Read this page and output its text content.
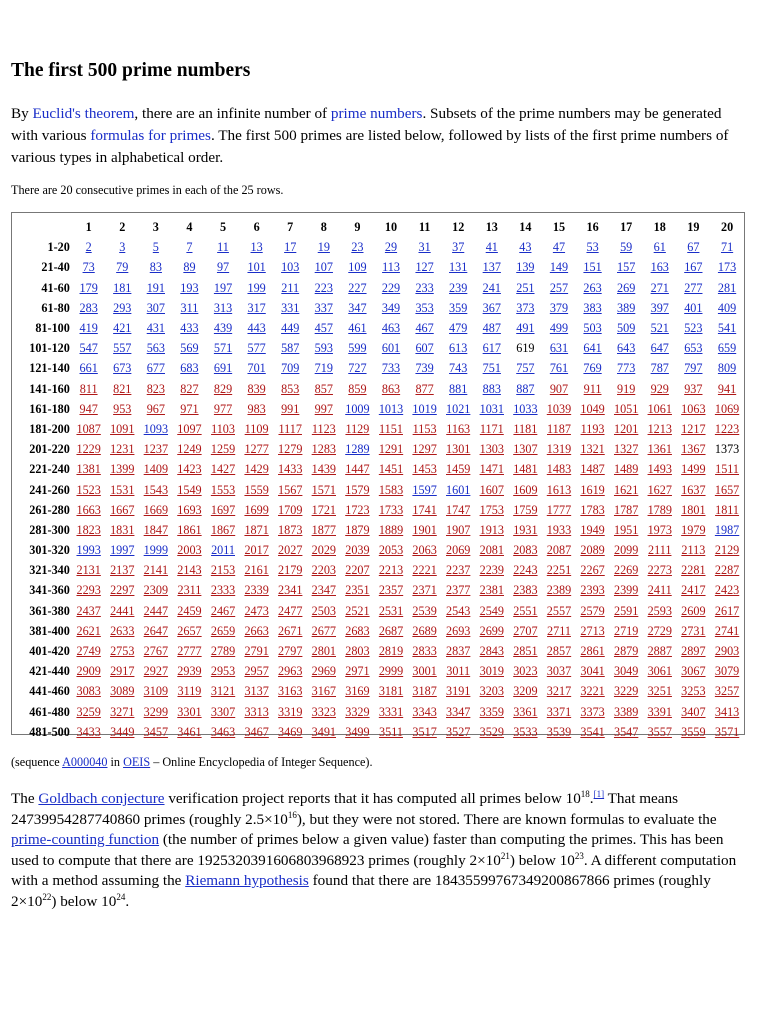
The first 500 prime numbers

By Euclid's theorem, there are an infinite number of prime numbers. Subsets of the prime numbers may be generated with various formulas for primes. The first 500 primes are listed below, followed by lists of the first prime numbers of various types in alphabetical order.

There are 20 consecutive primes in each of the 25 rows.

	1	2	3	4	5	6	7	8	9	10	11	12	13	14	15	16	17	18	19	20
1-20	2	3	5	7	11	13	17	19	23	29	31	37	41	43	47	53	59	61	67	71
21-40	73	79	83	89	97	101	103	107	109	113	127	131	137	139	149	151	157	163	167	173
41-60	179	181	191	193	197	199	211	223	227	229	233	239	241	251	257	263	269	271	277	281
61-80	283	293	307	311	313	317	331	337	347	349	353	359	367	373	379	383	389	397	401	409
81-100	419	421	431	433	439	443	449	457	461	463	467	479	487	491	499	503	509	521	523	541
101-120	547	557	563	569	571	577	587	593	599	601	607	613	617	619	631	641	643	647	653	659
121-140	661	673	677	683	691	701	709	719	727	733	739	743	751	757	761	769	773	787	797	809
141-160	811	821	823	827	829	839	853	857	859	863	877	881	883	887	907	911	919	929	937	941
161-180	947	953	967	971	977	983	991	997	1009	1013	1019	1021	1031	1033	1039	1049	1051	1061	1063	1069
181-200	1087	1091	1093	1097	1103	1109	1117	1123	1129	1151	1153	1163	1171	1181	1187	1193	1201	1213	1217	1223
201-220	1229	1231	1237	1249	1259	1277	1279	1283	1289	1291	1297	1301	1303	1307	1319	1321	1327	1361	1367	1373
221-240	1381	1399	1409	1423	1427	1429	1433	1439	1447	1451	1453	1459	1471	1481	1483	1487	1489	1493	1499	1511
241-260	1523	1531	1543	1549	1553	1559	1567	1571	1579	1583	1597	1601	1607	1609	1613	1619	1621	1627	1637	1657
261-280	1663	1667	1669	1693	1697	1699	1709	1721	1723	1733	1741	1747	1753	1759	1777	1783	1787	1789	1801	1811
281-300	1823	1831	1847	1861	1867	1871	1873	1877	1879	1889	1901	1907	1913	1931	1933	1949	1951	1973	1979	1987
301-320	1993	1997	1999	2003	2011	2017	2027	2029	2039	2053	2063	2069	2081	2083	2087	2089	2099	2111	2113	2129
321-340	2131	2137	2141	2143	2153	2161	2179	2203	2207	2213	2221	2237	2239	2243	2251	2267	2269	2273	2281	2287
341-360	2293	2297	2309	2311	2333	2339	2341	2347	2351	2357	2371	2377	2381	2383	2389	2393	2399	2411	2417	2423
361-380	2437	2441	2447	2459	2467	2473	2477	2503	2521	2531	2539	2543	2549	2551	2557	2579	2591	2593	2609	2617
381-400	2621	2633	2647	2657	2659	2663	2671	2677	2683	2687	2689	2693	2699	2707	2711	2713	2719	2729	2731	2741
401-420	2749	2753	2767	2777	2789	2791	2797	2801	2803	2819	2833	2837	2843	2851	2857	2861	2879	2887	2897	2903
421-440	2909	2917	2927	2939	2953	2957	2963	2969	2971	2999	3001	3011	3019	3023	3037	3041	3049	3061	3067	3079
441-460	3083	3089	3109	3119	3121	3137	3163	3167	3169	3181	3187	3191	3203	3209	3217	3221	3229	3251	3253	3257
461-480	3259	3271	3299	3301	3307	3313	3319	3323	3329	3331	3343	3347	3359	3361	3371	3373	3389	3391	3407	3413
481-500	3433	3449	3457	3461	3463	3467	3469	3491	3499	3511	3517	3527	3529	3533	3539	3541	3547	3557	3559	3571

(sequence A000040 in OEIS – Online Encyclopedia of Integer Sequence).

The Goldbach conjecture verification project reports that it has computed all primes below $10^{18}.[1]$ That means 24739954287740860 primes (roughly $2.5\times 10^{16}$), but they were not stored. There are known formulas to evaluate the prime-counting function (the number of primes below a given value) faster than computing the primes. This has been used to compute that there are 1925320391606803968923 primes (roughly $2\times 10^{21}$) below $10^{23}$. A different computation with a method assuming the Riemann hypothesis found that there are 18435599767349200867866 primes (roughly $2\times 10^{22}$) below $10^{24}$.
